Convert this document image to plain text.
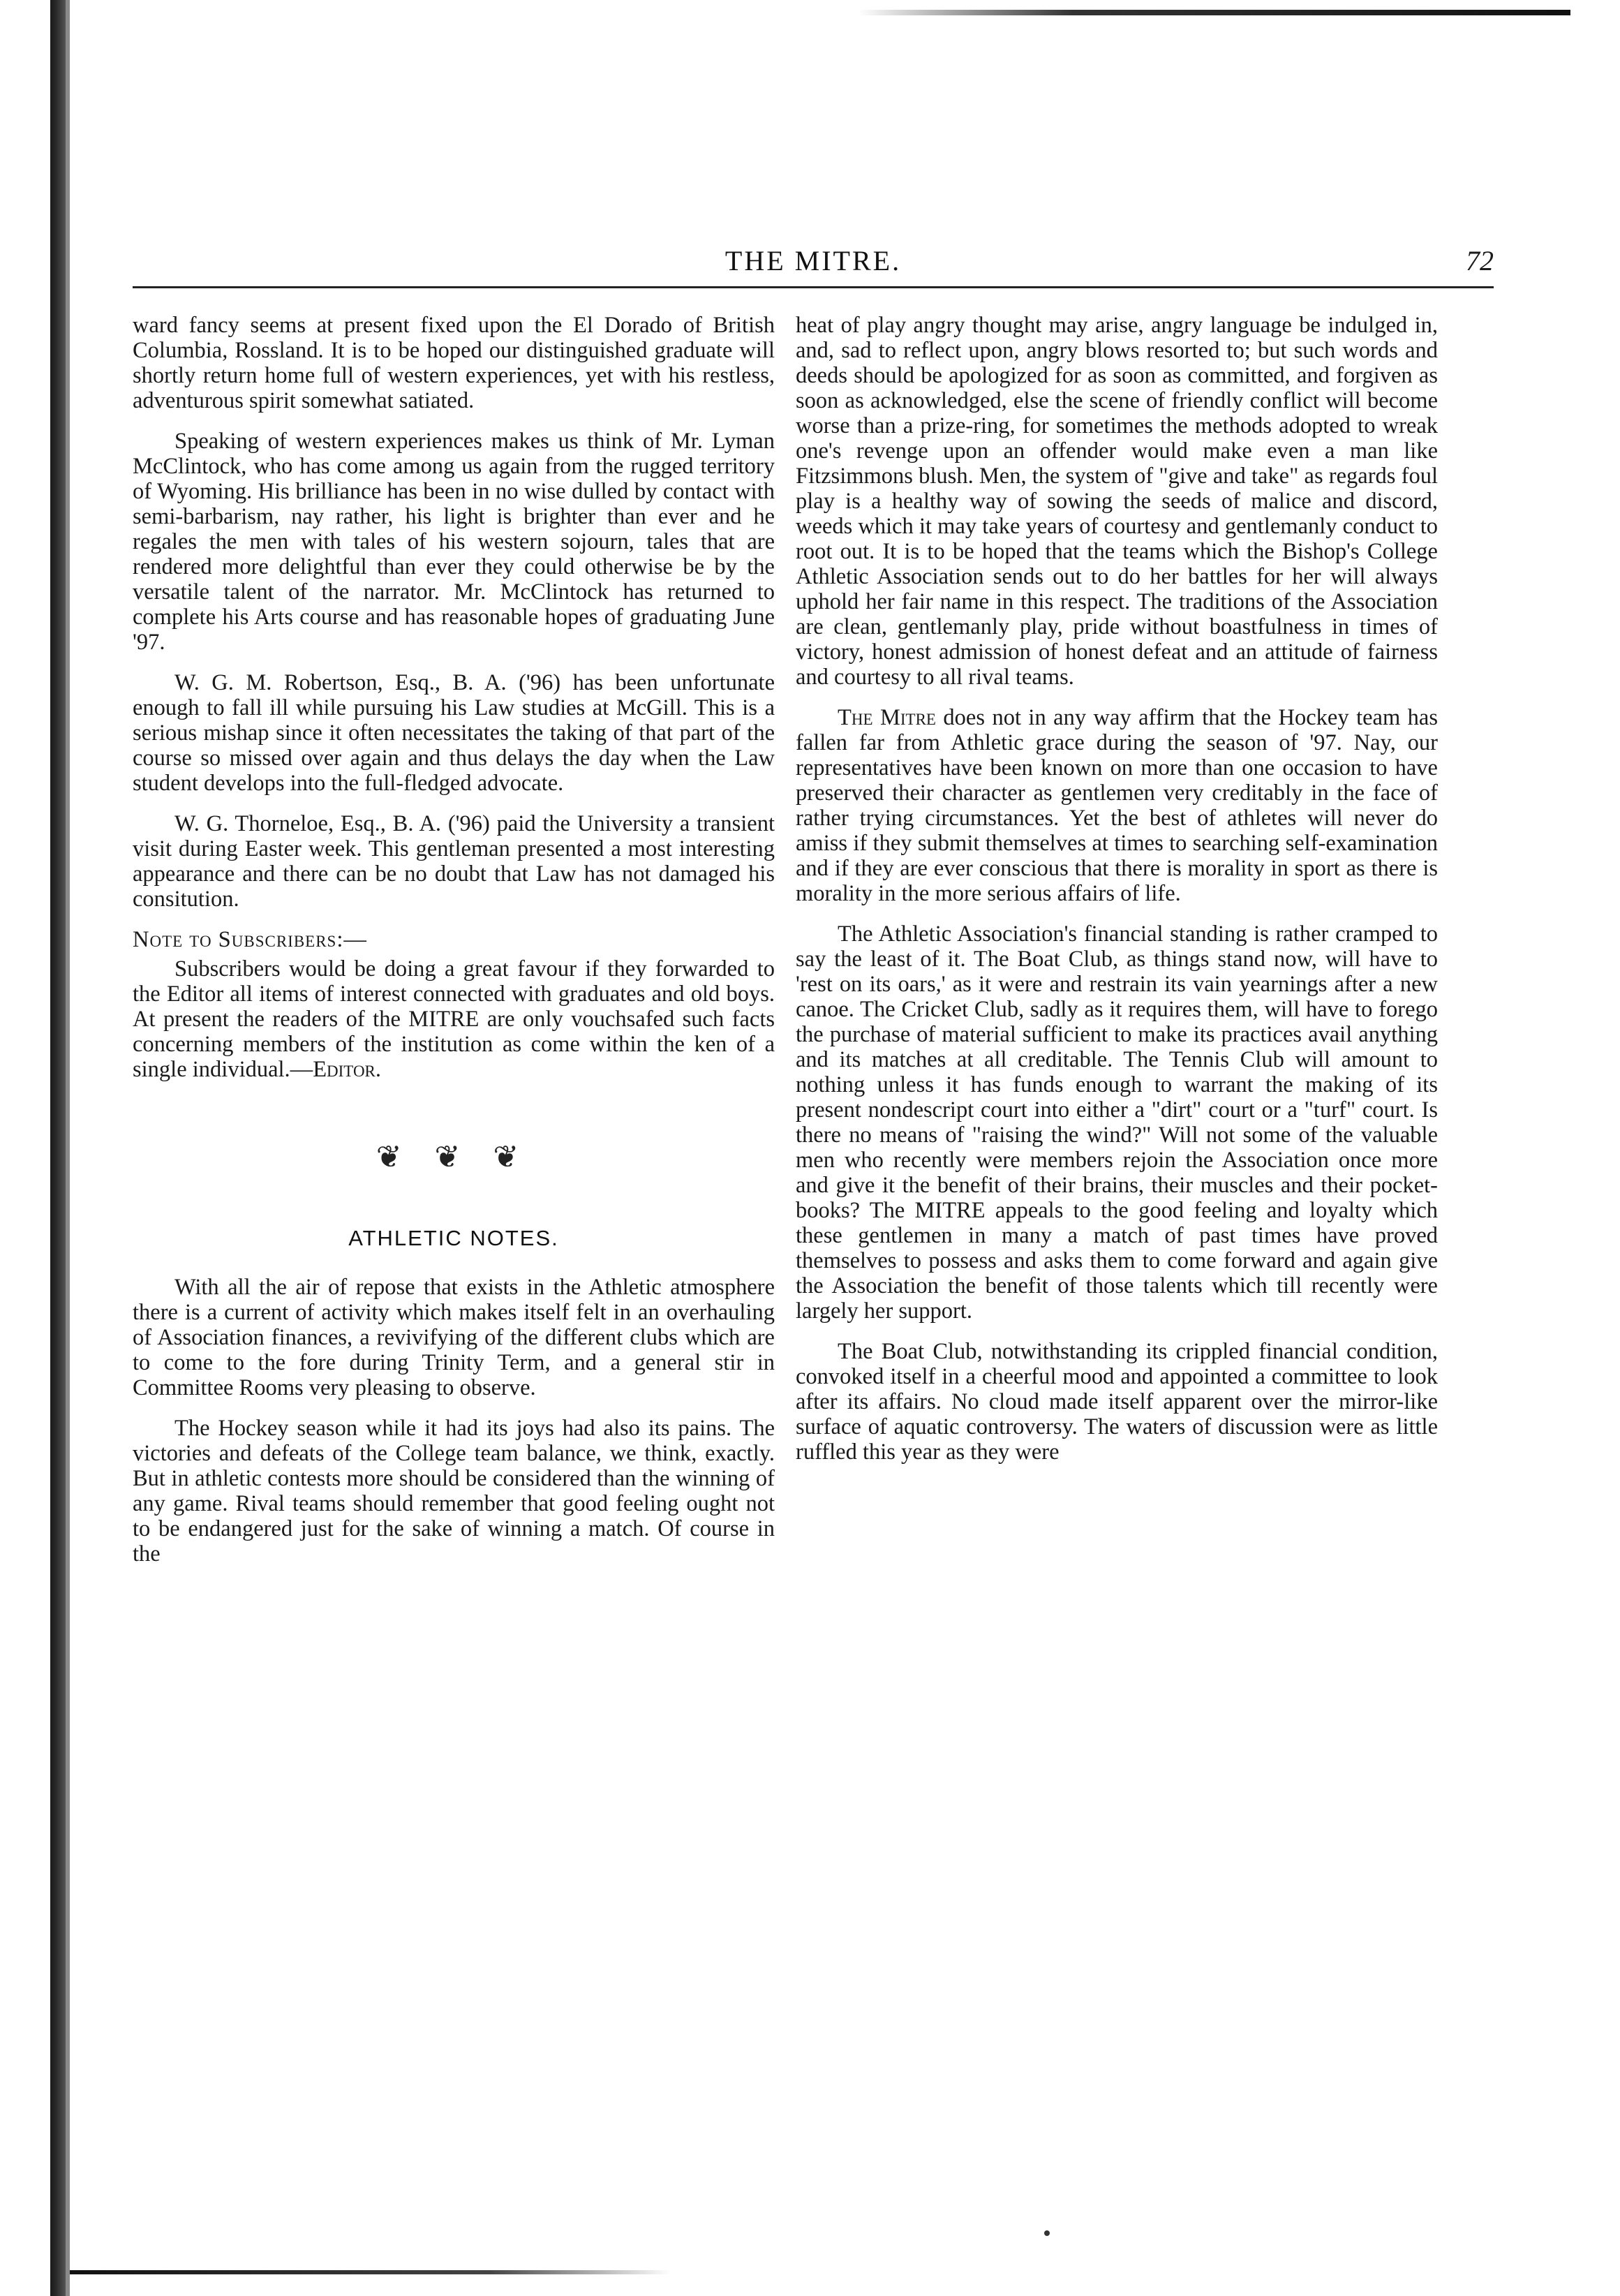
THE MITRE.	72

ward fancy seems at present fixed upon the El Dorado of British Columbia, Rossland. It is to be hoped our distinguished graduate will shortly return home full of western experiences, yet with his restless, adventurous spirit somewhat satiated.

Speaking of western experiences makes us think of Mr. Lyman McClintock, who has come among us again from the rugged territory of Wyoming. His brilliance has been in no wise dulled by contact with semi-barbarism, nay rather, his light is brighter than ever and he regales the men with tales of his western sojourn, tales that are rendered more delightful than ever they could otherwise be by the versatile talent of the narrator. Mr. McClintock has returned to complete his Arts course and has reasonable hopes of graduating June '97.

W. G. M. Robertson, Esq., B. A. ('96) has been unfortunate enough to fall ill while pursuing his Law studies at McGill. This is a serious mishap since it often necessitates the taking of that part of the course so missed over again and thus delays the day when the Law student develops into the full-fledged advocate.

W. G. Thorneloe, Esq., B. A. ('96) paid the University a transient visit during Easter week. This gentleman presented a most interesting appearance and there can be no doubt that Law has not damaged his consitution.

Note to Subscribers:—

Subscribers would be doing a great favour if they forwarded to the Editor all items of interest connected with graduates and old boys. At present the readers of the MITRE are only vouchsafed such facts concerning members of the institution as come within the ken of a single individual.—Editor.

❦ ❦ ❦
ATHLETIC NOTES.

With all the air of repose that exists in the Athletic atmosphere there is a current of activity which makes itself felt in an overhauling of Association finances, a revivifying of the different clubs which are to come to the fore during Trinity Term, and a general stir in Committee Rooms very pleasing to observe.

The Hockey season while it had its joys had also its pains. The victories and defeats of the College team balance, we think, exactly. But in athletic contests more should be considered than the winning of any game. Rival teams should remember that good feeling ought not to be endangered just for the sake of winning a match. Of course in the

heat of play angry thought may arise, angry language be indulged in, and, sad to reflect upon, angry blows resorted to; but such words and deeds should be apologized for as soon as committed, and forgiven as soon as acknowledged, else the scene of friendly conflict will become worse than a prize-ring, for sometimes the methods adopted to wreak one's revenge upon an offender would make even a man like Fitzsimmons blush. Men, the system of "give and take" as regards foul play is a healthy way of sowing the seeds of malice and discord, weeds which it may take years of courtesy and gentlemanly conduct to root out. It is to be hoped that the teams which the Bishop's College Athletic Association sends out to do her battles for her will always uphold her fair name in this respect. The traditions of the Association are clean, gentlemanly play, pride without boastfulness in times of victory, honest admission of honest defeat and an attitude of fairness and courtesy to all rival teams.

The Mitre does not in any way affirm that the Hockey team has fallen far from Athletic grace during the season of '97. Nay, our representatives have been known on more than one occasion to have preserved their character as gentlemen very creditably in the face of rather trying circumstances. Yet the best of athletes will never do amiss if they submit themselves at times to searching self-examination and if they are ever conscious that there is morality in sport as there is morality in the more serious affairs of life.

The Athletic Association's financial standing is rather cramped to say the least of it. The Boat Club, as things stand now, will have to 'rest on its oars,' as it were and restrain its vain yearnings after a new canoe. The Cricket Club, sadly as it requires them, will have to forego the purchase of material sufficient to make its practices avail anything and its matches at all creditable. The Tennis Club will amount to nothing unless it has funds enough to warrant the making of its present nondescript court into either a "dirt" court or a "turf" court. Is there no means of "raising the wind?" Will not some of the valuable men who recently were members rejoin the Association once more and give it the benefit of their brains, their muscles and their pocket-books? The MITRE appeals to the good feeling and loyalty which these gentlemen in many a match of past times have proved themselves to possess and asks them to come forward and again give the Association the benefit of those talents which till recently were largely her support.

The Boat Club, notwithstanding its crippled financial condition, convoked itself in a cheerful mood and appointed a committee to look after its affairs. No cloud made itself apparent over the mirror-like surface of aquatic controversy. The waters of discussion were as little ruffled this year as they were
